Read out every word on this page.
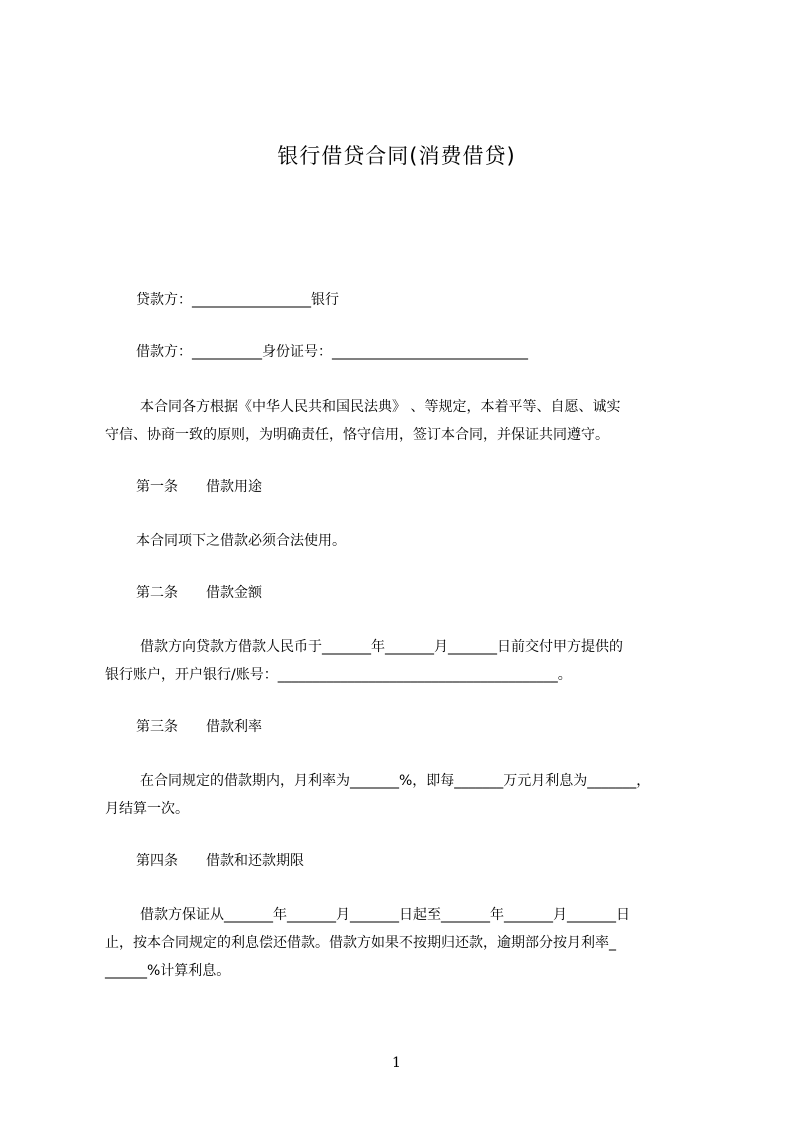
银行借贷合同(消费借贷)
贷款方：_________________银行
借款方：__________身份证号：____________________________
本合同各方根据《中华人民共和国民法典》 、等规定，本着平等、自愿、诚实
守信、协商一致的原则，为明确责任，恪守信用，签订本合同，并保证共同遵守。
第一条　　借款用途
本合同项下之借款必须合法使用。
第二条　　借款金额
借款方向贷款方借款人民币于_______年_______月_______日前交付甲方提供的
银行账户，开户银行/账号：________________________________________。
第三条　　借款利率
在合同规定的借款期内，月利率为_______%，即每_______万元月利息为_______，
月结算一次。
第四条　　借款和还款期限
借款方保证从_______年_______月_______日起至_______年_______月_______日
止，按本合同规定的利息偿还借款。借款方如果不按期归还款，逾期部分按月利率_
______%计算利息。
1
